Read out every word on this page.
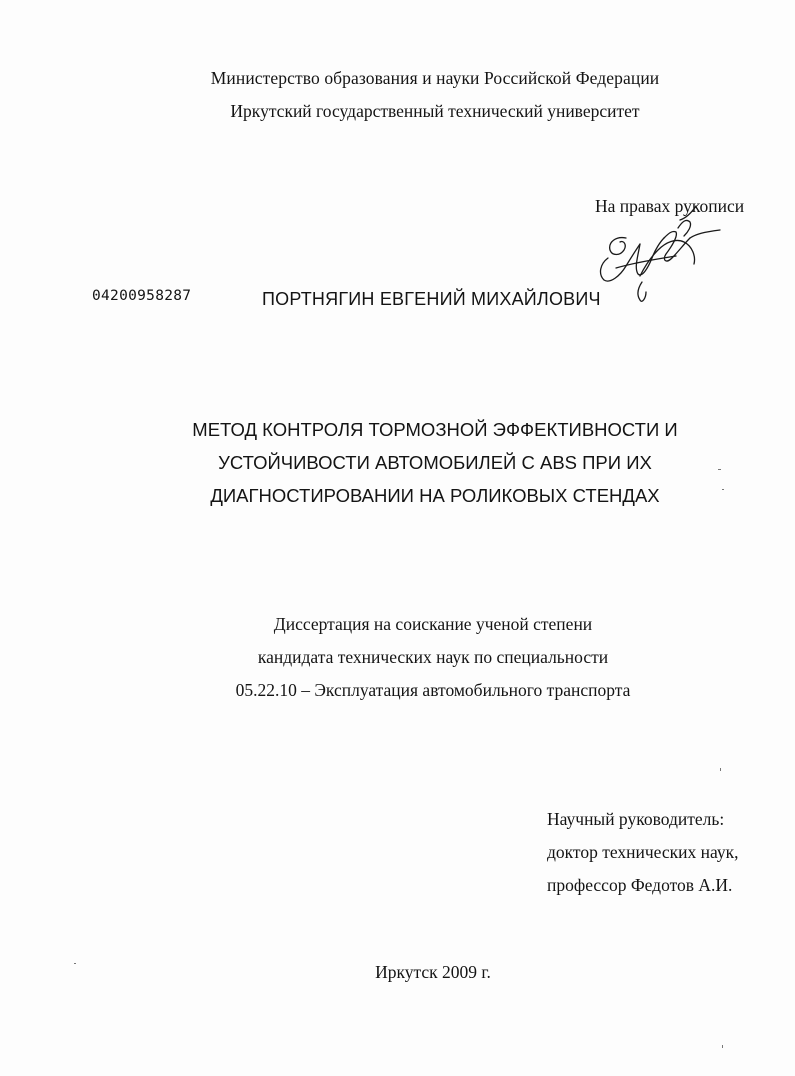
Министерство образования и науки Российской Федерации
Иркутский государственный технический университет
На правах рукописи
04200958287	ПОРТНЯГИН ЕВГЕНИЙ МИХАЙЛОВИЧ
МЕТОД КОНТРОЛЯ ТОРМОЗНОЙ ЭФФЕКТИВНОСТИ И
УСТОЙЧИВОСТИ АВТОМОБИЛЕЙ С ABS ПРИ ИХ
ДИАГНОСТИРОВАНИИ НА РОЛИКОВЫХ СТЕНДАХ
Диссертация на соискание ученой степени
кандидата технических наук по специальности
05.22.10 – Эксплуатация автомобильного транспорта
Научный руководитель:
доктор технических наук,
профессор Федотов А.И.
Иркутск 2009 г.
